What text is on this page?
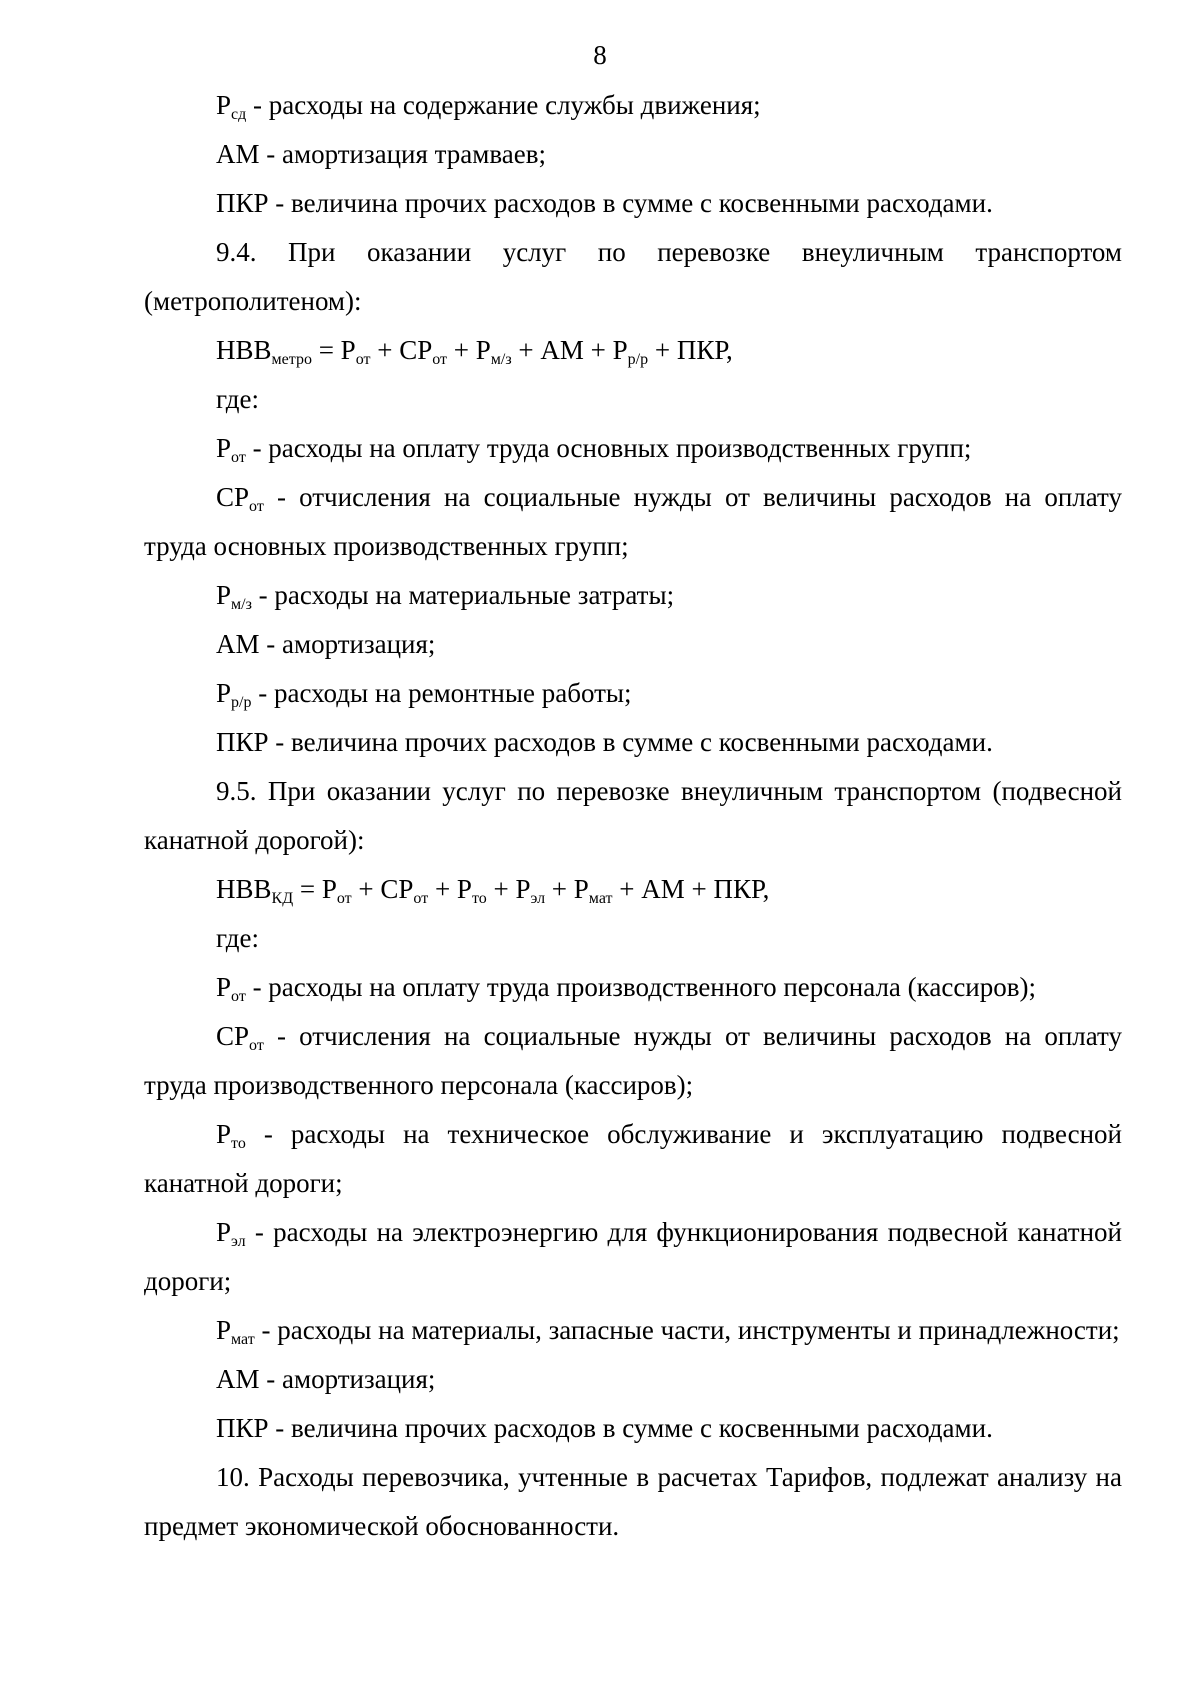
8

$Р_{сд}$ - расходы на содержание службы движения;

АМ - амортизация трамваев;

ПКР - величина прочих расходов в сумме с косвенными расходами.

9.4. При оказании услуг по перевозке внеуличным транспортом (метрополитеном):

$НВВ_{метро} = Р_{от} + СР_{от} + Р_{м/з}$ + АМ + $Р_{р/р}$ + ПКР,

где:

$Р_{от}$ - расходы на оплату труда основных производственных групп;

$СР_{от}$ - отчисления на социальные нужды от величины расходов на оплату труда основных производственных групп;

$Р_{м/з}$ - расходы на материальные затраты;

АМ - амортизация;

$Р_{р/р}$ - расходы на ремонтные работы;

ПКР - величина прочих расходов в сумме с косвенными расходами.

9.5. При оказании услуг по перевозке внеуличным транспортом (подвесной канатной дорогой):

$НВВ_{КД} = Р_{от} + СР_{от} + Р_{то} + Р_{эл} + Р_{мат}$ + АМ + ПКР,

где:

$Р_{от}$ - расходы на оплату труда производственного персонала (кассиров);

$СР_{от}$ - отчисления на социальные нужды от величины расходов на оплату труда производственного персонала (кассиров);

$Р_{то}$ - расходы на техническое обслуживание и эксплуатацию подвесной канатной дороги;

$Р_{эл}$ - расходы на электроэнергию для функционирования подвесной канатной дороги;

$Р_{мат}$ - расходы на материалы, запасные части, инструменты и принадлежности;

АМ - амортизация;

ПКР - величина прочих расходов в сумме с косвенными расходами.

10. Расходы перевозчика, учтенные в расчетах Тарифов, подлежат анализу на предмет экономической обоснованности.
